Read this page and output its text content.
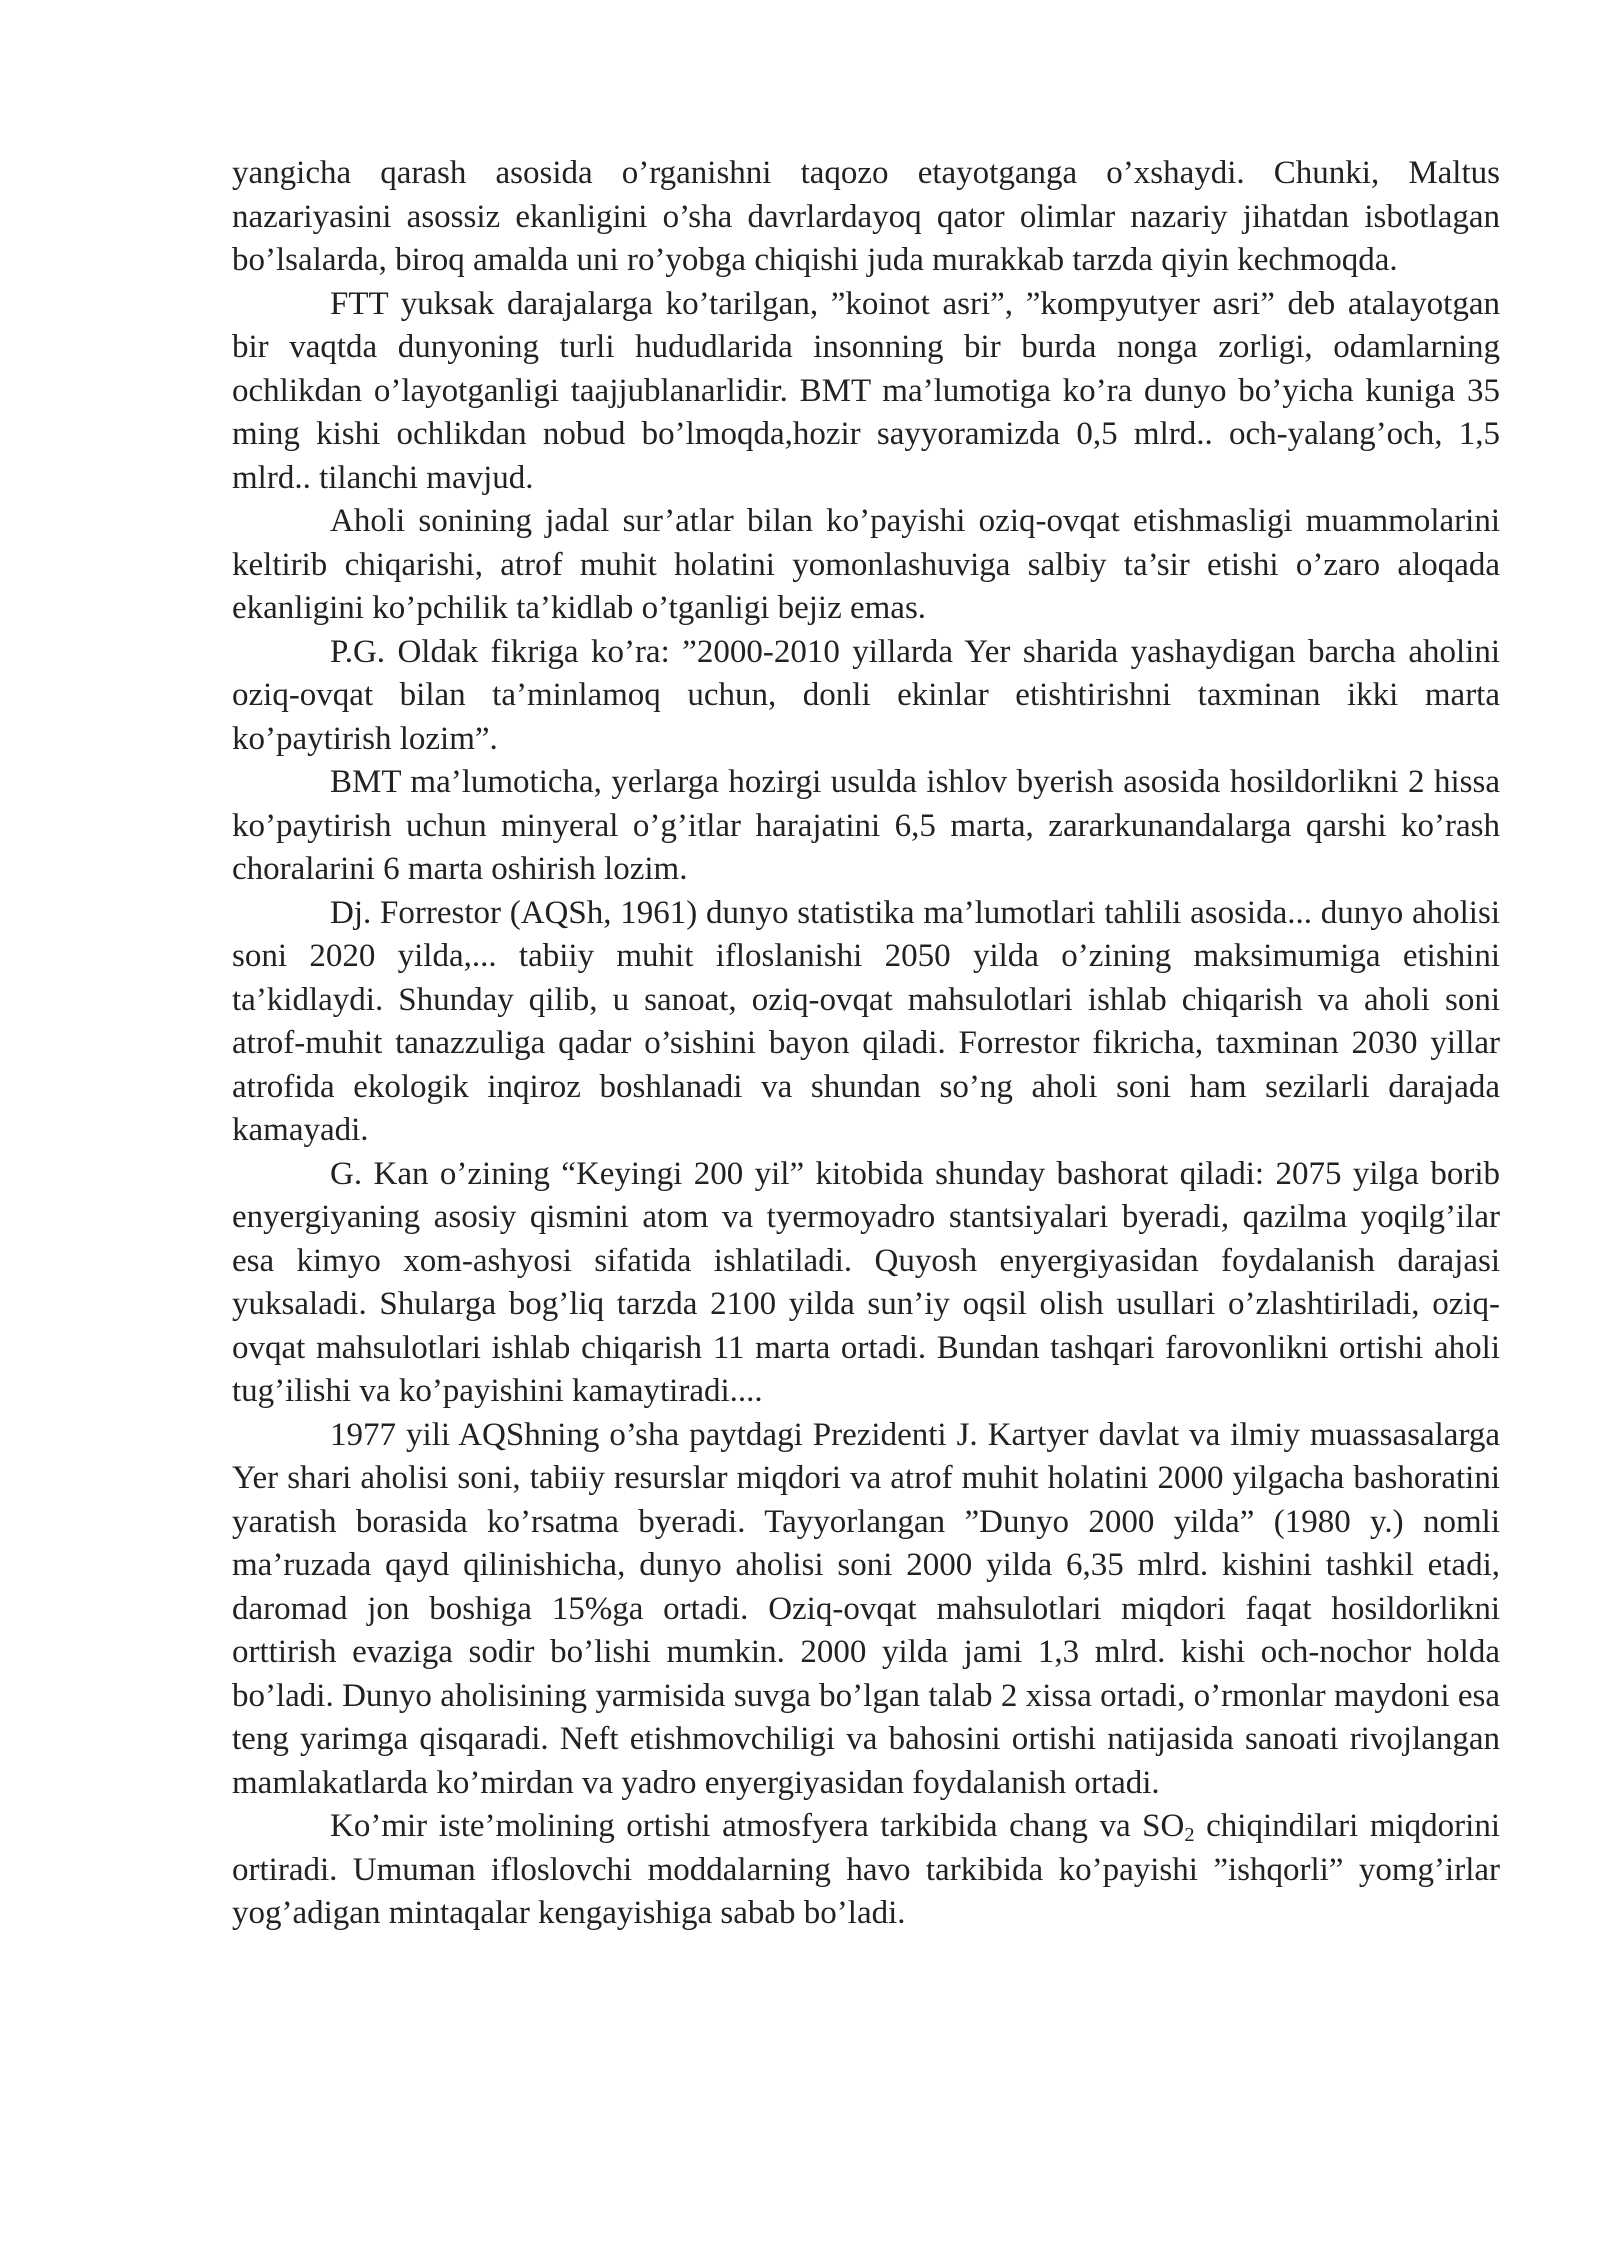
yangicha qarash asosida o’rganishni taqozo etayotganga o’xshaydi. Chunki, Maltus nazariyasini asossiz ekanligini o’sha davrlardayoq qator olimlar nazariy jihatdan isbotlagan bo’lsalarda, biroq amalda uni ro’yobga chiqishi juda murakkab tarzda qiyin kechmoqda.

FTT yuksak darajalarga ko’tarilgan, ”koinot asri”, ”kompyutyer asri” deb atalayotgan bir vaqtda dunyoning turli hududlarida insonning bir burda nonga zorligi, odamlarning ochlikdan o’layotganligi taajjublanarlidir. BMT ma’lumotiga ko’ra dunyo bo’yicha kuniga 35 ming kishi ochlikdan nobud bo’lmoqda,hozir sayyoramizda 0,5 mlrd.. och-yalang’och, 1,5 mlrd.. tilanchi mavjud.

Aholi sonining jadal sur’atlar bilan ko’payishi oziq-ovqat etishmasligi muammolarini keltirib chiqarishi, atrof muhit holatini yomonlashuviga salbiy ta’sir etishi o’zaro aloqada ekanligini ko’pchilik ta’kidlab o’tganligi bejiz emas.

P.G. Oldak fikriga ko’ra: ”2000-2010 yillarda Yer sharida yashaydigan barcha aholini oziq-ovqat bilan ta’minlamoq uchun, donli ekinlar etishtirishni taxminan ikki marta ko’paytirish lozim”.

BMT ma’lumoticha, yerlarga hozirgi usulda ishlov byerish asosida hosildorlikni 2 hissa ko’paytirish uchun minyeral o’g’itlar harajatini 6,5 marta, zararkunandalarga qarshi ko’rash choralarini 6 marta oshirish lozim.

Dj. Forrestor (AQSh, 1961) dunyo statistika ma’lumotlari tahlili asosida... dunyo aholisi soni 2020 yilda,... tabiiy muhit ifloslanishi 2050 yilda o’zining maksimumiga etishini ta’kidlaydi. Shunday qilib, u sanoat, oziq-ovqat mahsulotlari ishlab chiqarish va aholi soni atrof-muhit tanazzuliga qadar o’sishini bayon qiladi. Forrestor fikricha, taxminan 2030 yillar atrofida ekologik inqiroz boshlanadi va shundan so’ng aholi soni ham sezilarli darajada kamayadi.

G. Kan o’zining “Keyingi 200 yil” kitobida shunday bashorat qiladi: 2075 yilga borib enyergiyaning asosiy qismini atom va tyermoyadro stantsiyalari byeradi, qazilma yoqilg’ilar esa kimyo xom-ashyosi sifatida ishlatiladi. Quyosh enyergiyasidan foydalanish darajasi yuksaladi. Shularga bog’liq tarzda 2100 yilda sun’iy oqsil olish usullari o’zlashtiriladi, oziq-ovqat mahsulotlari ishlab chiqarish 11 marta ortadi. Bundan tashqari farovonlikni ortishi aholi tug’ilishi va ko’payishini kamaytiradi....

1977 yili AQShning o’sha paytdagi Prezidenti J. Kartyer davlat va ilmiy muassasalarga Yer shari aholisi soni, tabiiy resurslar miqdori va atrof muhit holatini 2000 yilgacha bashoratini yaratish borasida ko’rsatma byeradi. Tayyorlangan ”Dunyo 2000 yilda” (1980 y.) nomli ma’ruzada qayd qilinishicha, dunyo aholisi soni 2000 yilda 6,35 mlrd. kishini tashkil etadi, daromad jon boshiga 15%ga ortadi. Oziq-ovqat mahsulotlari miqdori faqat hosildorlikni orttirish evaziga sodir bo’lishi mumkin. 2000 yilda jami 1,3 mlrd. kishi och-nochor holda bo’ladi. Dunyo aholisining yarmisida suvga bo’lgan talab 2 xissa ortadi, o’rmonlar maydoni esa teng yarimga qisqaradi. Neft etishmovchiligi va bahosini ortishi natijasida sanoati rivojlangan mamlakatlarda ko’mirdan va yadro enyergiyasidan foydalanish ortadi.

Ko’mir iste’molining ortishi atmosfyera tarkibida chang va $SO_2$ chiqindilari miqdorini ortiradi. Umuman ifloslovchi moddalarning havo tarkibida ko’payishi ”ishqorli” yomg’irlar yog’adigan mintaqalar kengayishiga sabab bo’ladi.
